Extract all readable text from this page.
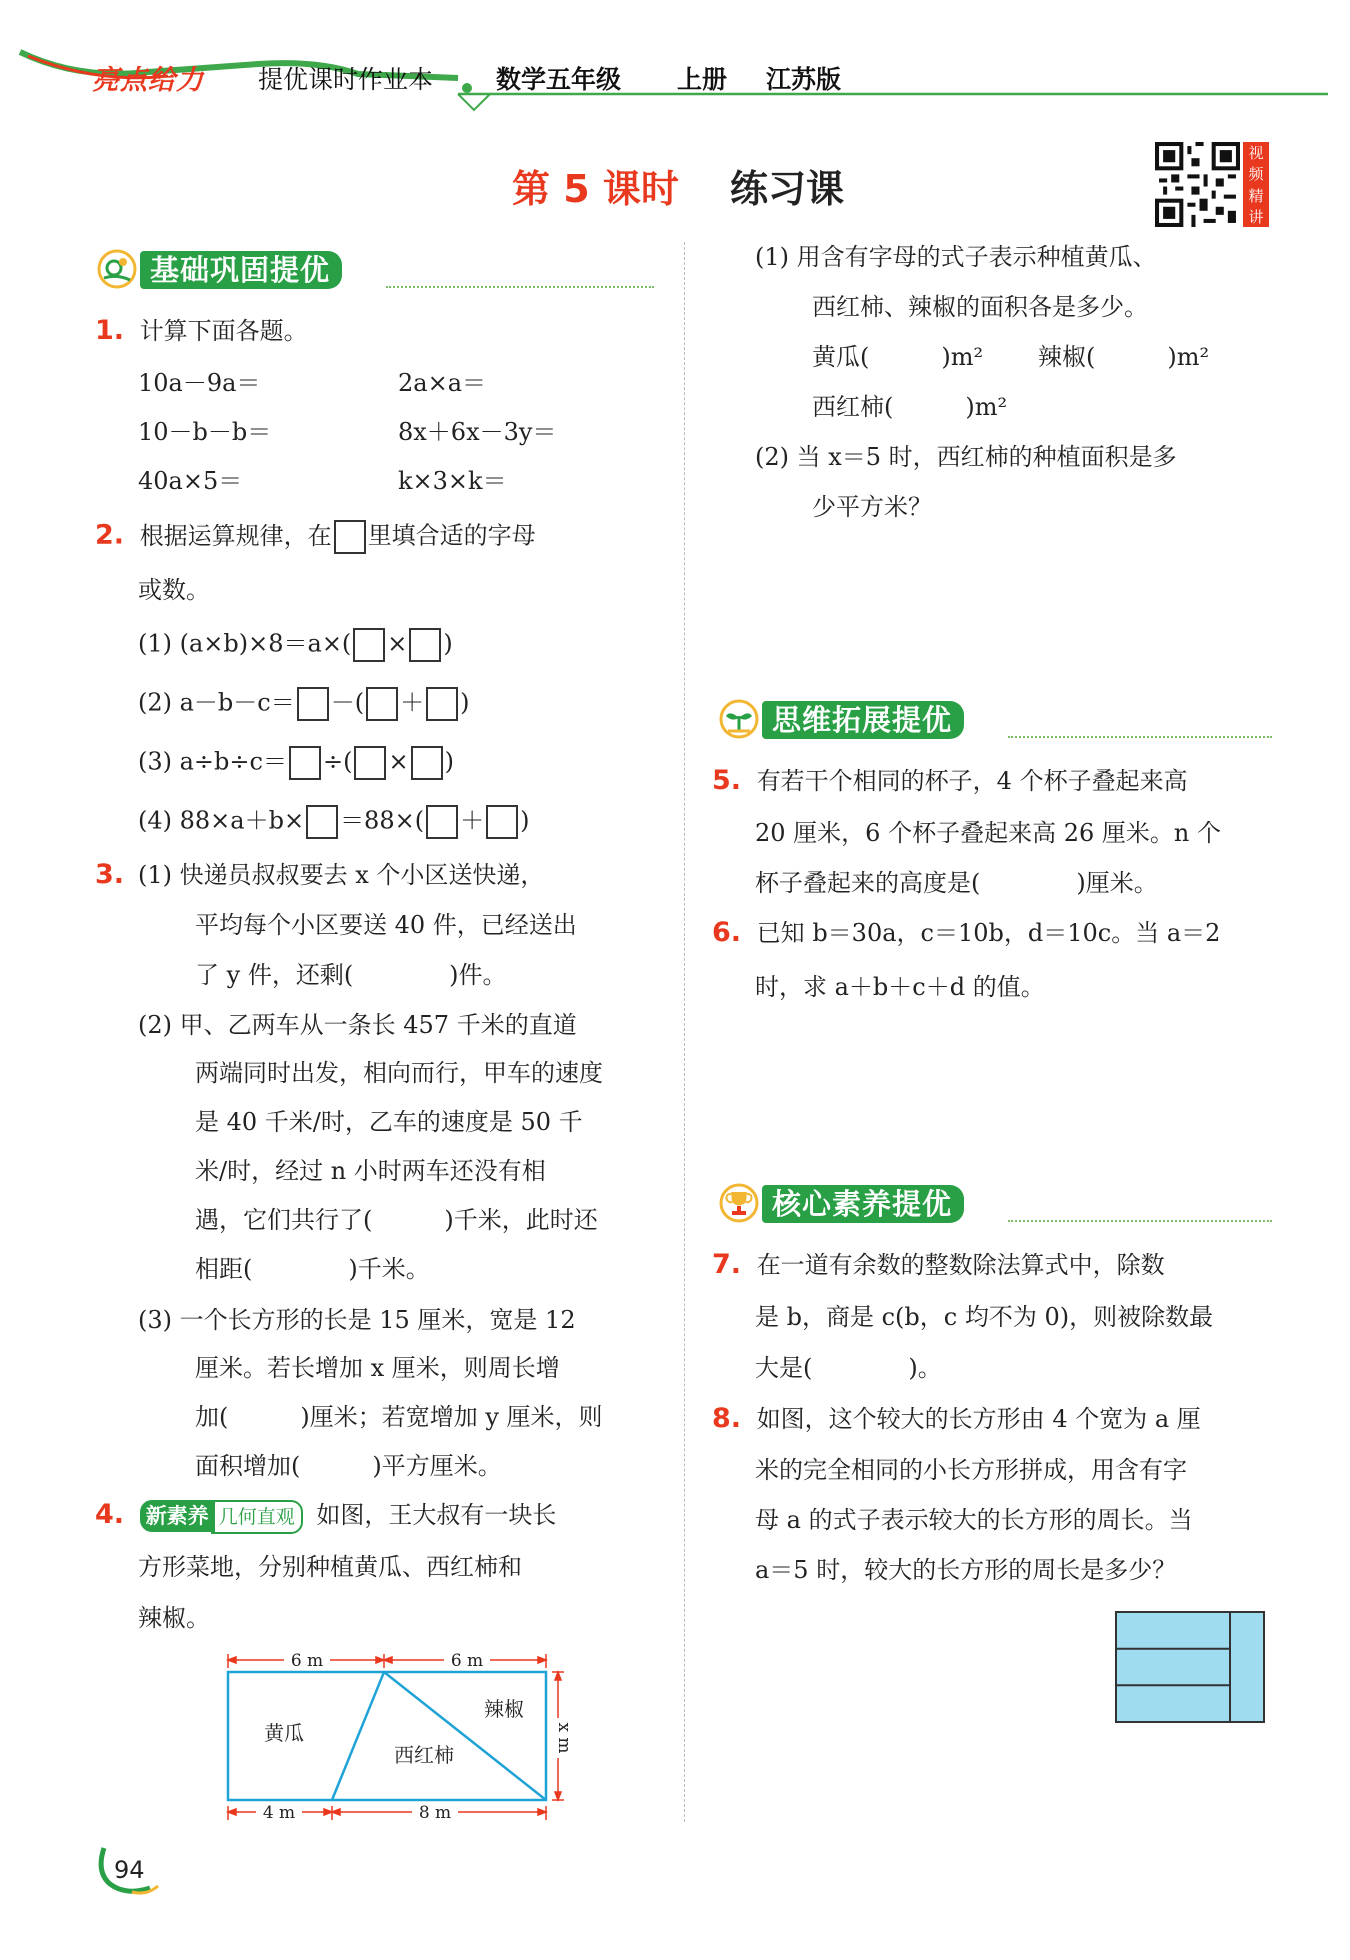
亮点给力 提优课时作业本	数学五年级 上册 江苏版
第 5 课时 练习课
视
频
精
讲
基础巩固提优
1. 计算下面各题。
10a－9a＝	2a×a＝
10－b－b＝	8x＋6x－3y＝
40a×5＝	k×3×k＝
2. 根据运算规律，在 里填合适的字母
或数。
(1) (a×b)×8＝a×( × )
(2) a－b－c＝ －( ＋ )
(3) a÷b÷c＝ ÷( × )
(4) 88×a＋b× ＝88×( ＋ )
3. (1) 快递员叔叔要去 x 个小区送快递，
平均每个小区要送 40 件，已经送出
了 y 件，还剩(　　　　)件。
(2) 甲、乙两车从一条长 457 千米的直道
两端同时出发，相向而行，甲车的速度
是 40 千米/时，乙车的速度是 50 千
米/时，经过 n 小时两车还没有相
遇，它们共行了(　　　)千米，此时还
相距(　　　　)千米。
(3) 一个长方形的长是 15 厘米，宽是 12
厘米。若长增加 x 厘米，则周长增
加(　　　)厘米；若宽增加 y 厘米，则
面积增加(　　　)平方厘米。
4. 新素养 几何直观 如图，王大叔有一块长
方形菜地，分别种植黄瓜、西红柿和
辣椒。
6 m	6 m
4 m	8 m
x m
黄瓜
西红柿
辣椒
(1) 用含有字母的式子表示种植黄瓜、
西红柿、辣椒的面积各是多少。
黄瓜(　　　)m² 辣椒(　　　)m²
西红柿(　　　)m²
(2) 当 x＝5 时，西红柿的种植面积是多
少平方米？
思维拓展提优
5. 有若干个相同的杯子，4 个杯子叠起来高
20 厘米，6 个杯子叠起来高 26 厘米。n 个
杯子叠起来的高度是(　　　　)厘米。
6. 已知 b＝30a，c＝10b，d＝10c。当 a＝2
时，求 a＋b＋c＋d 的值。
核心素养提优
7. 在一道有余数的整数除法算式中，除数
是 b，商是 c(b，c 均不为 0)，则被除数最
大是(　　　　)。
8. 如图，这个较大的长方形由 4 个宽为 a 厘
米的完全相同的小长方形拼成，用含有字
母 a 的式子表示较大的长方形的周长。当
a＝5 时，较大的长方形的周长是多少？
94
